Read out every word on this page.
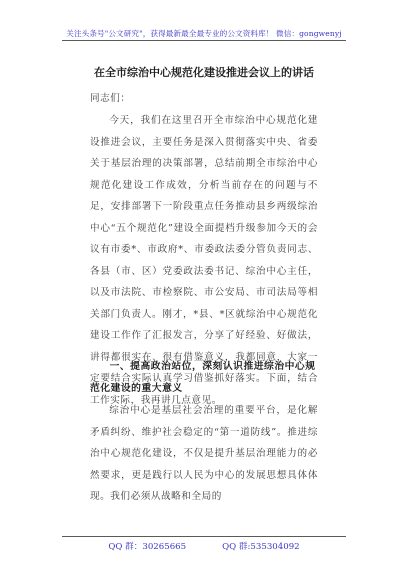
关注头条号"公文研究"，获得最新最全最专业的公文资料库！ 微信：gongwenyj
在全市综治中心规范化建设推进会议上的讲话
同志们：
今天，我们在这里召开全市综治中心规范化建设推进会议，主要任务是深入贯彻落实中央、省委关于基层治理的决策部署，总结前期全市综治中心规范化建设工作成效，分析当前存在的问题与不足，安排部署下一阶段重点任务推动县乡两级综治中心“五个规范化”建设全面提档升级参加今天的会议有市委*、市政府*、市委政法委分管负责同志、各县（市、区）党委政法委书记、综治中心主任，以及市法院、市检察院、市公安局、市司法局等相关部门负责人。刚才，*县、*区就综治中心规范化建设工作作了汇报发言，分享了好经验、好做法，讲得都很实在、很有借鉴意义，我都同意，大家一定要结合实际认真学习借鉴抓好落实。下面，结合工作实际，我再讲几点意见。
一、提高政治站位，深刻认识推进综治中心规范化建设的重大意义
综治中心是基层社会治理的重要平台，是化解矛盾纠纷、维护社会稳定的“第一道防线”。推进综治中心规范化建设，不仅是提升基层治理能力的必然要求，更是践行以人民为中心的发展思想具体体现。我们必须从战略和全局的
QQ 群：30265665	QQ 群:535304092
